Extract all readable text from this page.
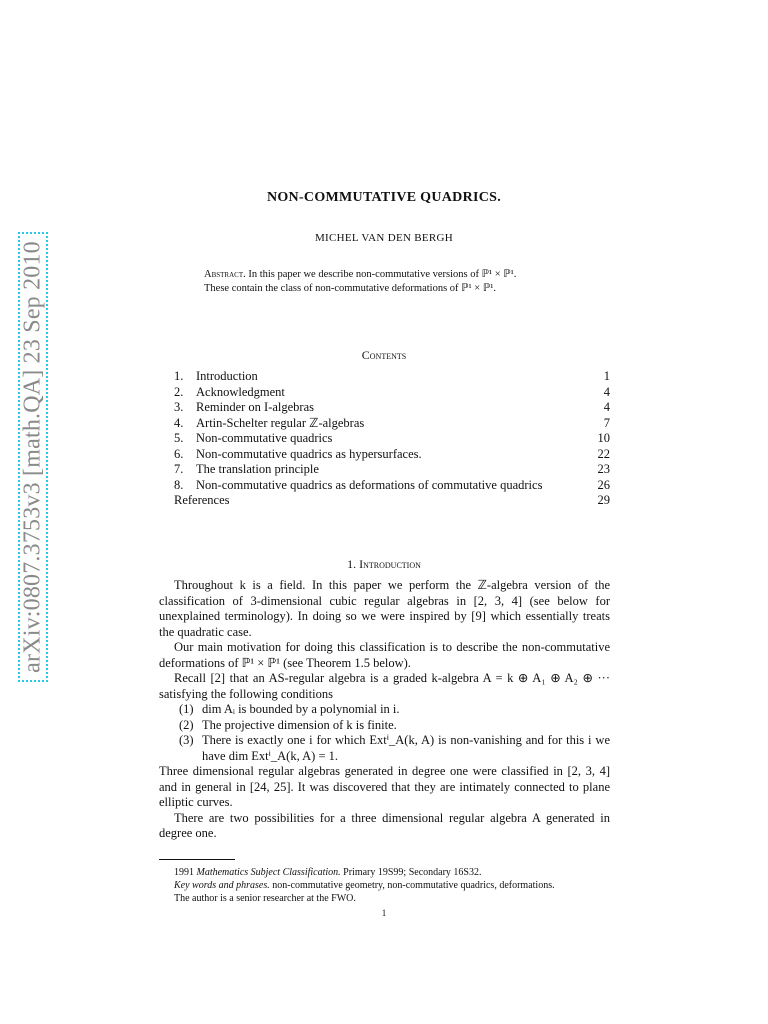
arXiv:0807.3753v3 [math.QA] 23 Sep 2010
NON-COMMUTATIVE QUADRICS.
MICHEL VAN DEN BERGH
Abstract. In this paper we describe non-commutative versions of ℙ¹ × ℙ¹.
These contain the class of non-commutative deformations of ℙ¹ × ℙ¹.
Contents
1. Introduction	1
2. Acknowledgment	4
3. Reminder on I-algebras	4
4. Artin-Schelter regular ℤ-algebras	7
5. Non-commutative quadrics	10
6. Non-commutative quadrics as hypersurfaces.	22
7. The translation principle	23
8. Non-commutative quadrics as deformations of commutative quadrics	26
References	29
1. Introduction

Throughout k is a field. In this paper we perform the ℤ-algebra version of the classification of 3-dimensional cubic regular algebras in [2, 3, 4] (see below for unexplained terminology). In doing so we were inspired by [9] which essentially treats the quadratic case.

Our main motivation for doing this classification is to describe the non-commutative deformations of ℙ¹ × ℙ¹ (see Theorem 1.5 below).

Recall [2] that an AS-regular algebra is a graded k-algebra A = k ⊕ A₁ ⊕ A₂ ⊕ ··· satisfying the following conditions

(1) dim Aᵢ is bounded by a polynomial in i.
(2) The projective dimension of k is finite.
(3) There is exactly one i for which Extⁱ_A(k, A) is non-vanishing and for this i we have dim Extⁱ_A(k, A) = 1.

Three dimensional regular algebras generated in degree one were classified in [2, 3, 4] and in general in [24, 25]. It was discovered that they are intimately connected to plane elliptic curves.

There are two possibilities for a three dimensional regular algebra A generated in degree one.

1991 Mathematics Subject Classification. Primary 19S99; Secondary 16S32.
Key words and phrases. non-commutative geometry, non-commutative quadrics, deformations.
The author is a senior researcher at the FWO.
1
